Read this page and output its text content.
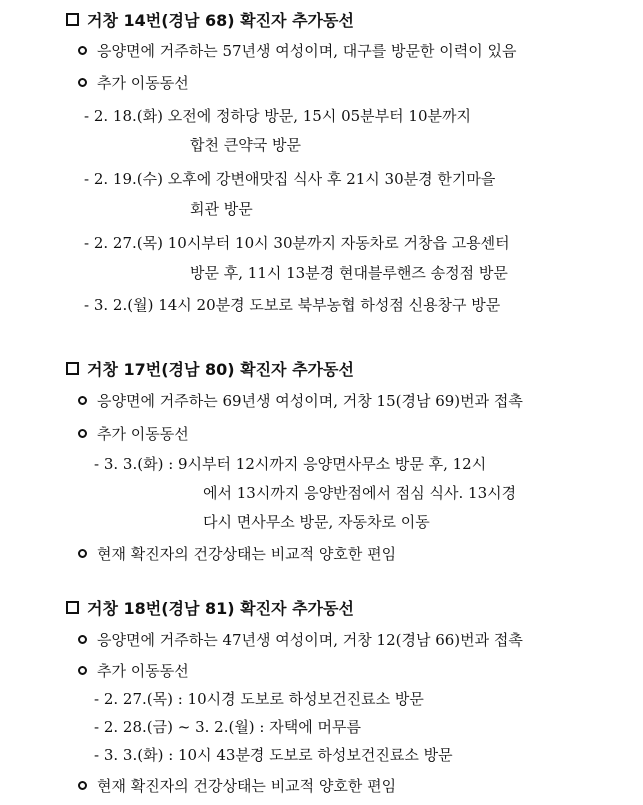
거창 14번(경남 68) 확진자 추가동선
응양면에 거주하는 57년생 여성이며, 대구를 방문한 이력이 있음
추가 이동동선
- 2. 18.(화) 오전에 정하당 방문, 15시 05분부터 10분까지
합천 큰약국 방문
- 2. 19.(수) 오후에 강변애맛집 식사 후 21시 30분경 한기마을
회관 방문
- 2. 27.(목) 10시부터 10시 30분까지 자동차로 거창읍 고용센터
방문 후, 11시 13분경 현대블루핸즈 송정점 방문
- 3. 2.(월) 14시 20분경 도보로 북부농협 하성점 신용창구 방문
거창 17번(경남 80) 확진자 추가동선
응양면에 거주하는 69년생 여성이며, 거창 15(경남 69)번과 접촉
추가 이동동선
- 3. 3.(화) : 9시부터 12시까지 응양면사무소 방문 후, 12시
에서 13시까지 응양반점에서 점심 식사. 13시경
다시 면사무소 방문, 자동차로 이동
현재 확진자의 건강상태는 비교적 양호한 편임
거창 18번(경남 81) 확진자 추가동선
응양면에 거주하는 47년생 여성이며, 거창 12(경남 66)번과 접촉
추가 이동동선
- 2. 27.(목) : 10시경 도보로 하성보건진료소 방문
- 2. 28.(금) ~ 3. 2.(월) : 자택에 머무름
- 3. 3.(화) : 10시 43분경 도보로 하성보건진료소 방문
현재 확진자의 건강상태는 비교적 양호한 편임
